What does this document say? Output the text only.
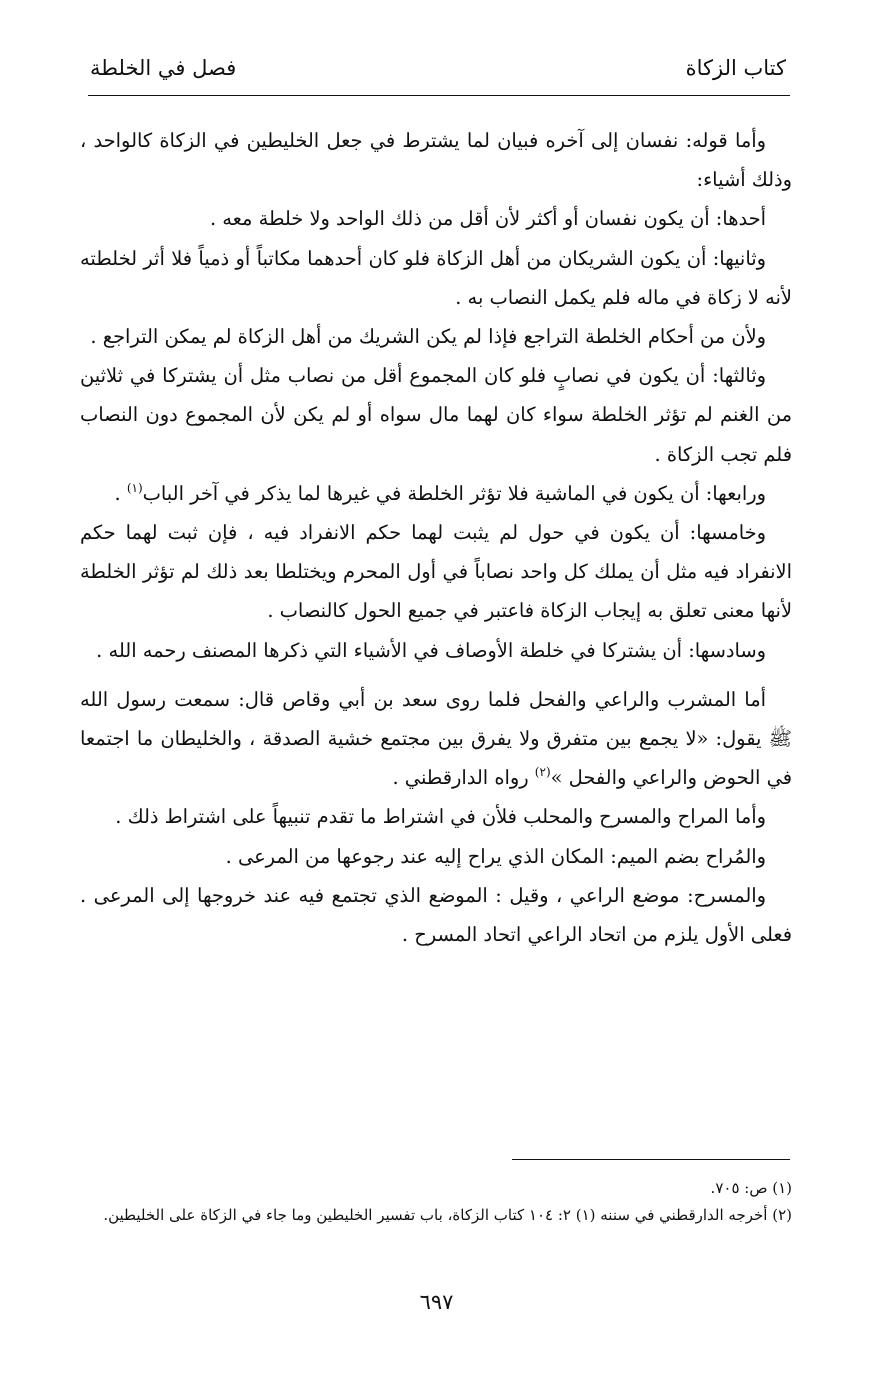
كتاب الزكاة
فصل في الخلطة

وأما قوله: نفسان إلى آخره فبيان لما يشترط في جعل الخليطين في الزكاة كالواحد ، وذلك أشياء:

أحدها: أن يكون نفسان أو أكثر لأن أقل من ذلك الواحد ولا خلطة معه .

وثانيها: أن يكون الشريكان من أهل الزكاة فلو كان أحدهما مكاتباً أو ذمياً فلا أثر لخلطته لأنه لا زكاة في ماله فلم يكمل النصاب به .

ولأن من أحكام الخلطة التراجع فإذا لم يكن الشريك من أهل الزكاة لم يمكن التراجع .

وثالثها: أن يكون في نصابٍ فلو كان المجموع أقل من نصاب مثل أن يشتركا في ثلاثين من الغنم لم تؤثر الخلطة سواء كان لهما مال سواه أو لم يكن لأن المجموع دون النصاب فلم تجب الزكاة .

ورابعها: أن يكون في الماشية فلا تؤثر الخلطة في غيرها لما يذكر في آخر الباب$^{(١)}$ .

وخامسها: أن يكون في حول لم يثبت لهما حكم الانفراد فيه ، فإن ثبت لهما حكم الانفراد فيه مثل أن يملك كل واحد نصاباً في أول المحرم ويختلطا بعد ذلك لم تؤثر الخلطة لأنها معنى تعلق به إيجاب الزكاة فاعتبر في جميع الحول كالنصاب .

وسادسها: أن يشتركا في خلطة الأوصاف في الأشياء التي ذكرها المصنف رحمه الله .

أما المشرب والراعي والفحل فلما روى سعد بن أبي وقاص قال: سمعت رسول الله ﷺ يقول: «لا يجمع بين متفرق ولا يفرق بين مجتمع خشية الصدقة ، والخليطان ما اجتمعا في الحوض والراعي والفحل »$^{(٢)}$ رواه الدارقطني .

وأما المراح والمسرح والمحلب فلأن في اشتراط ما تقدم تنبيهاً على اشتراط ذلك .

والمُراح بضم الميم: المكان الذي يراح إليه عند رجوعها من المرعى .

والمسرح: موضع الراعي ، وقيل : الموضع الذي تجتمع فيه عند خروجها إلى المرعى . فعلى الأول يلزم من اتحاد الراعي اتحاد المسرح .

(١) ص: ٧٠٥.

(٢) أخرجه الدارقطني في سننه (١) ٢: ١٠٤ كتاب الزكاة، باب تفسير الخليطين وما جاء في الزكاة على الخليطين.

٦٩٧
